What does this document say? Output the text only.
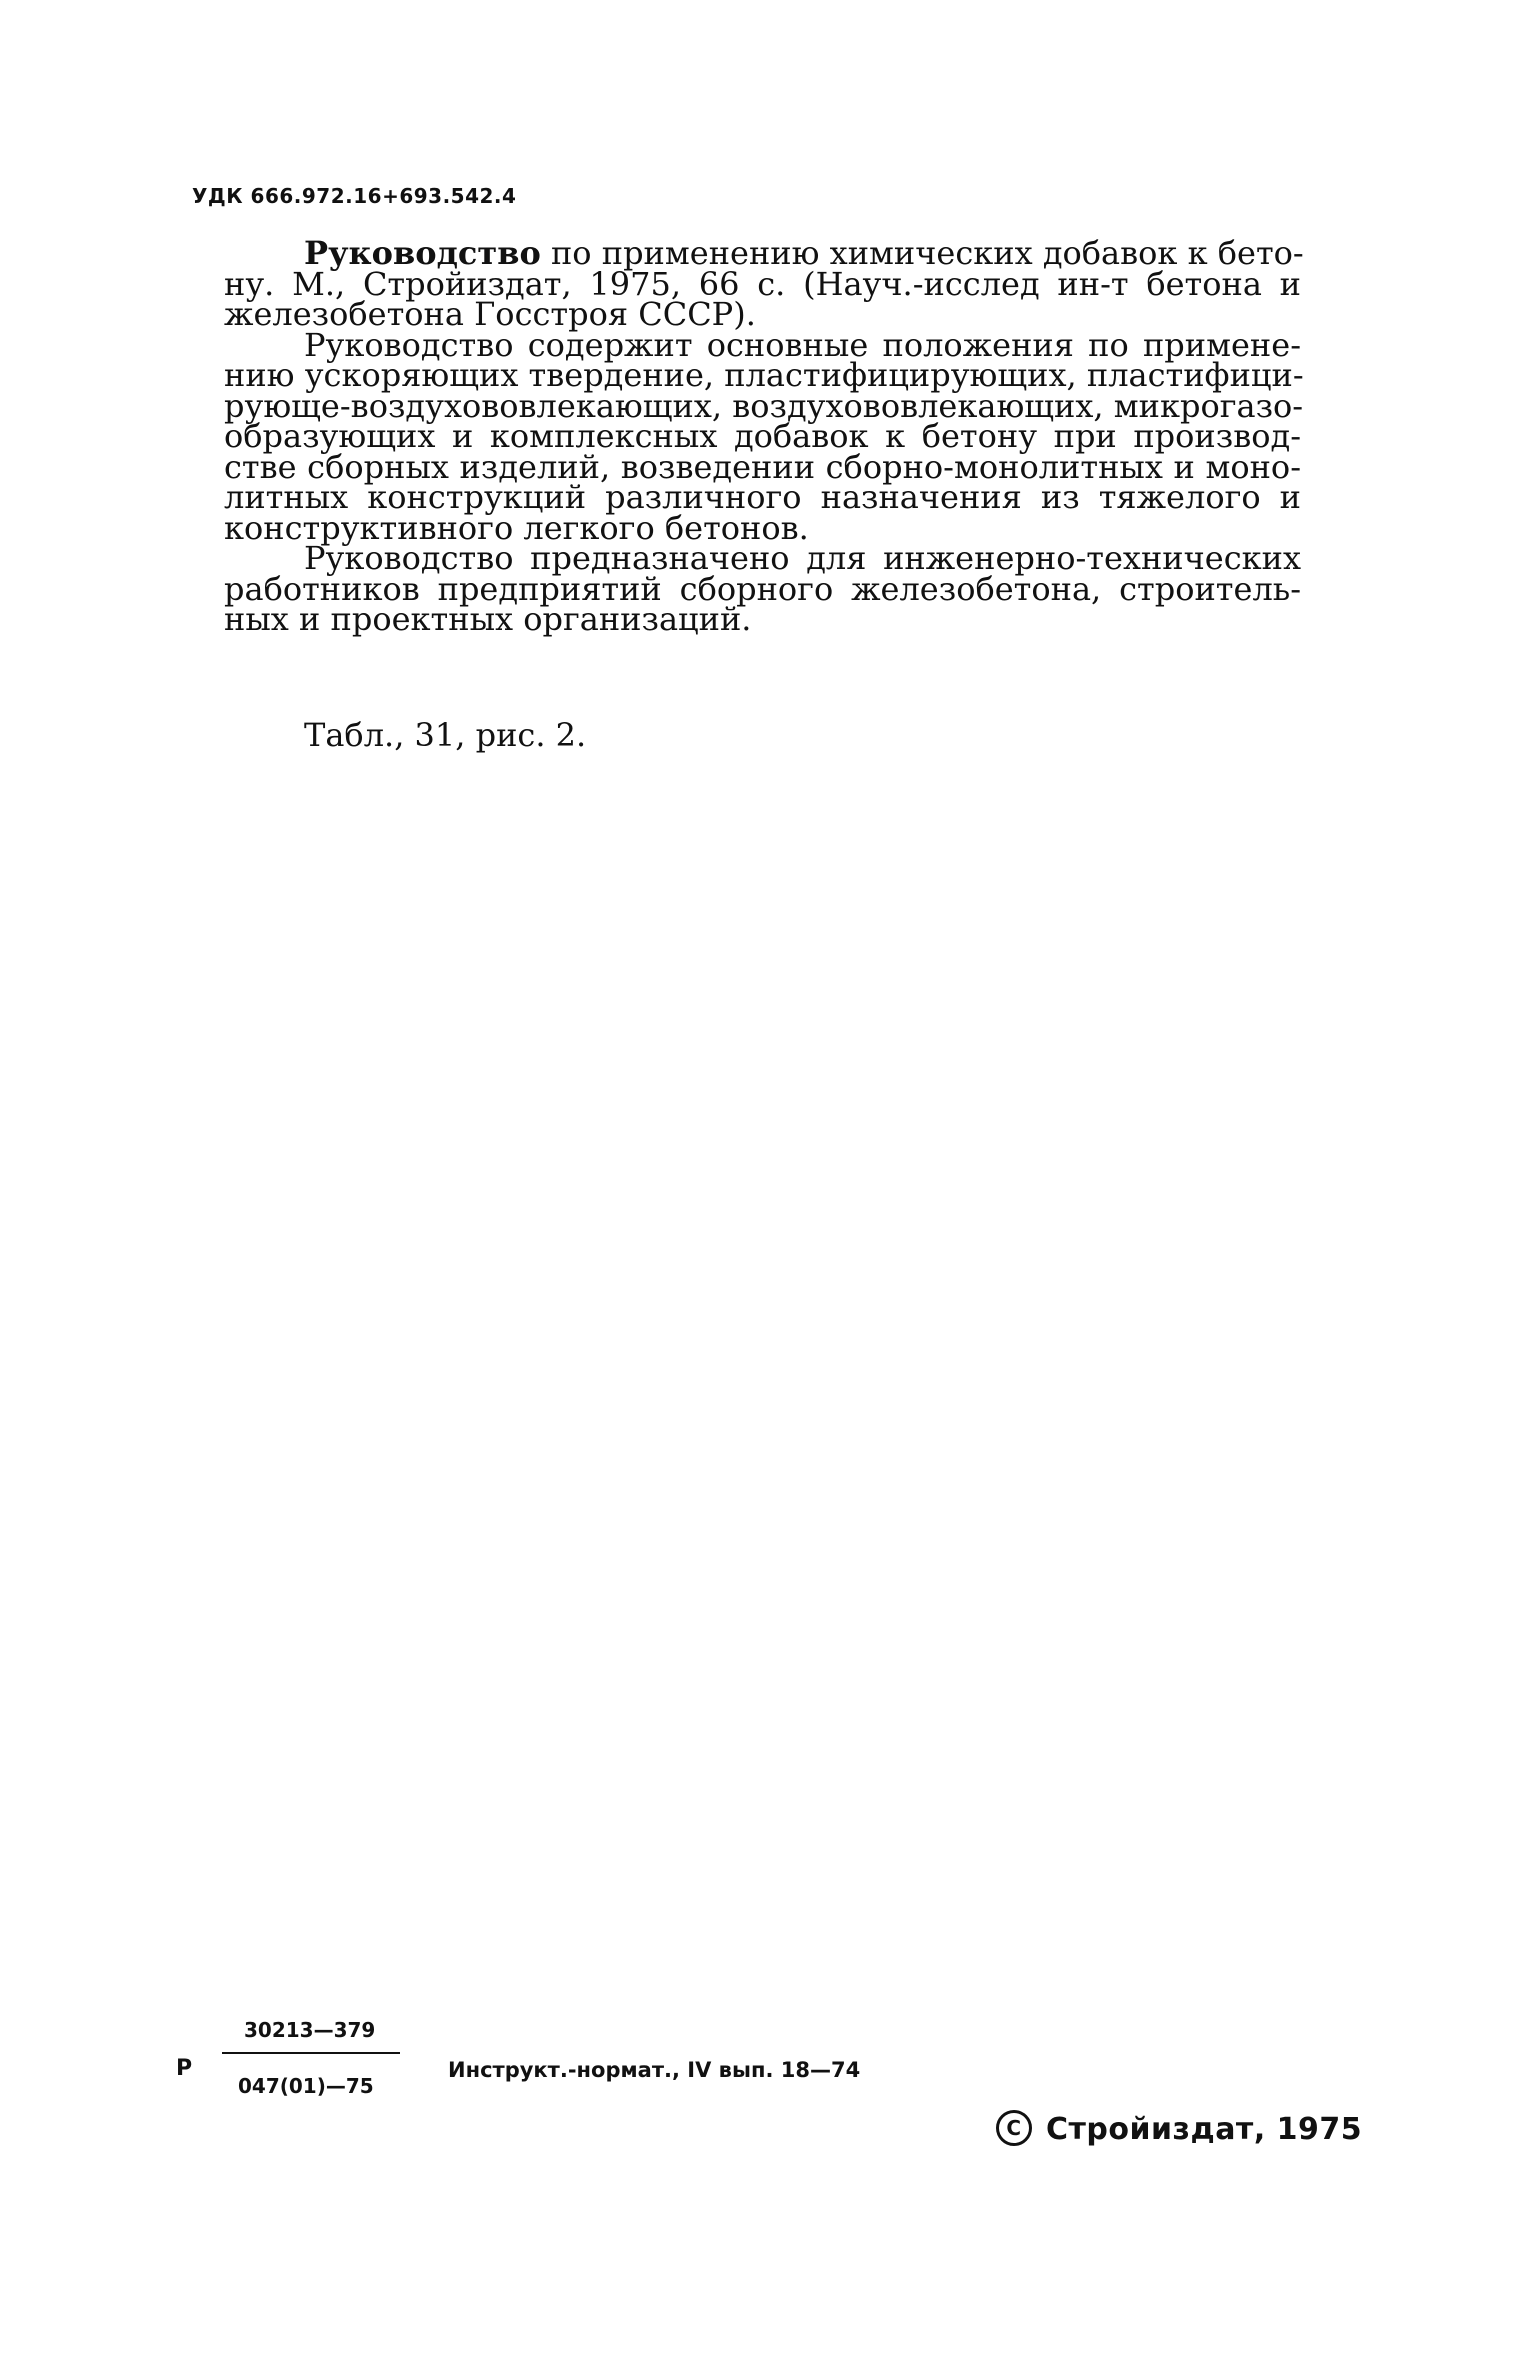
УДК 666.972.16+693.542.4
Руководство по применению химических добавок к бето-
ну. М., Стройиздат, 1975, 66 с. (Науч.-исслед ин-т бетона и
железобетона Госстроя СССР).
Руководство содержит основные положения по примене-
нию ускоряющих твердение, пластифицирующих, пластифици-
рующе-воздухововлекающих, воздухововлекающих, микрогазо-
образующих и комплексных добавок к бетону при производ-
стве сборных изделий, возведении сборно-монолитных и моно-
литных конструкций различного назначения из тяжелого и
конструктивного легкого бетонов.
Руководство предназначено для инженерно-технических
работников предприятий сборного железобетона, строитель-
ных и проектных организаций.
Табл., 31, рис. 2.
Р
30213—379
047(01)—75
Инструкт.-нормат., IV вып. 18—74
C Стройиздат, 1975
